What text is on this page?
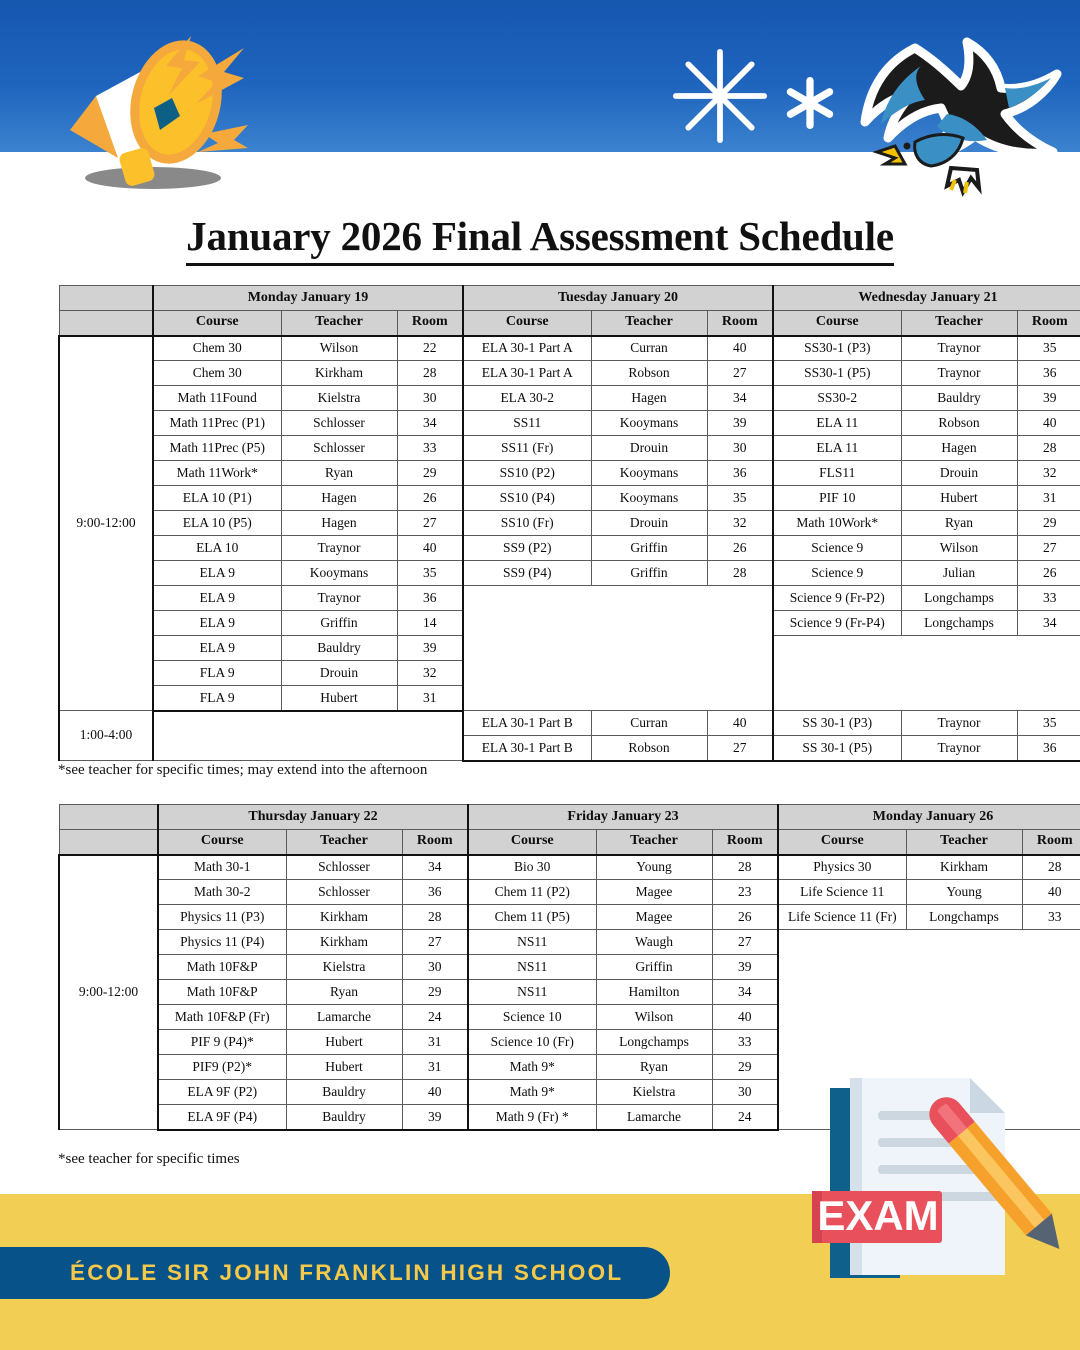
January 2026 Final Assessment Schedule
	Monday January 19			Tuesday January 20			Wednesday January 21		
	Course	Teacher	Room	Course	Teacher	Room	Course	Teacher	Room
9:00-12:00	Chem 30	Wilson	22	ELA 30-1 Part A	Curran	40	SS30-1 (P3)	Traynor	35
	Chem 30	Kirkham	28	ELA 30-1 Part A	Robson	27	SS30-1 (P5)	Traynor	36
	Math 11Found	Kielstra	30	ELA 30-2	Hagen	34	SS30-2	Bauldry	39
	Math 11Prec (P1)	Schlosser	34	SS11	Kooymans	39	ELA 11	Robson	40
	Math 11Prec (P5)	Schlosser	33	SS11 (Fr)	Drouin	30	ELA 11	Hagen	28
	Math 11Work*	Ryan	29	SS10 (P2)	Kooymans	36	FLS11	Drouin	32
	ELA 10 (P1)	Hagen	26	SS10 (P4)	Kooymans	35	PIF 10	Hubert	31
	ELA 10 (P5)	Hagen	27	SS10 (Fr)	Drouin	32	Math 10Work*	Ryan	29
	ELA 10	Traynor	40	SS9 (P2)	Griffin	26	Science 9	Wilson	27
	ELA 9	Kooymans	35	SS9 (P4)	Griffin	28	Science 9	Julian	26
	ELA 9	Traynor	36				Science 9 (Fr-P2)	Longchamps	33
	ELA 9	Griffin	14				Science 9 (Fr-P4)	Longchamps	34
	ELA 9	Bauldry	39						
	FLA 9	Drouin	32						
	FLA 9	Hubert	31						
1:00-4:00				ELA 30-1 Part B	Curran	40	SS 30-1 (P3)	Traynor	35
				ELA 30-1 Part B	Robson	27	SS 30-1 (P5)	Traynor	36
*see teacher for specific times; may extend into the afternoon
	Thursday January 22			Friday January 23			Monday January 26		
	Course	Teacher	Room	Course	Teacher	Room	Course	Teacher	Room
9:00-12:00	Math 30-1	Schlosser	34	Bio 30	Young	28	Physics 30	Kirkham	28
	Math 30-2	Schlosser	36	Chem 11 (P2)	Magee	23	Life Science 11	Young	40
	Physics 11 (P3)	Kirkham	28	Chem 11 (P5)	Magee	26	Life Science 11 (Fr)	Longchamps	33
	Physics 11 (P4)	Kirkham	27	NS11	Waugh	27			
	Math 10F&P	Kielstra	30	NS11	Griffin	39			
	Math 10F&P	Ryan	29	NS11	Hamilton	34			
	Math 10F&P (Fr)	Lamarche	24	Science 10	Wilson	40			
	PIF 9 (P4)*	Hubert	31	Science 10 (Fr)	Longchamps	33			
	PIF9 (P2)*	Hubert	31	Math 9*	Ryan	29			
	ELA 9F (P2)	Bauldry	40	Math 9*	Kielstra	30			
	ELA 9F (P4)	Bauldry	39	Math 9 (Fr) *	Lamarche	24			
*see teacher for specific times
EXAM
ÉCOLE SIR JOHN FRANKLIN HIGH SCHOOL
